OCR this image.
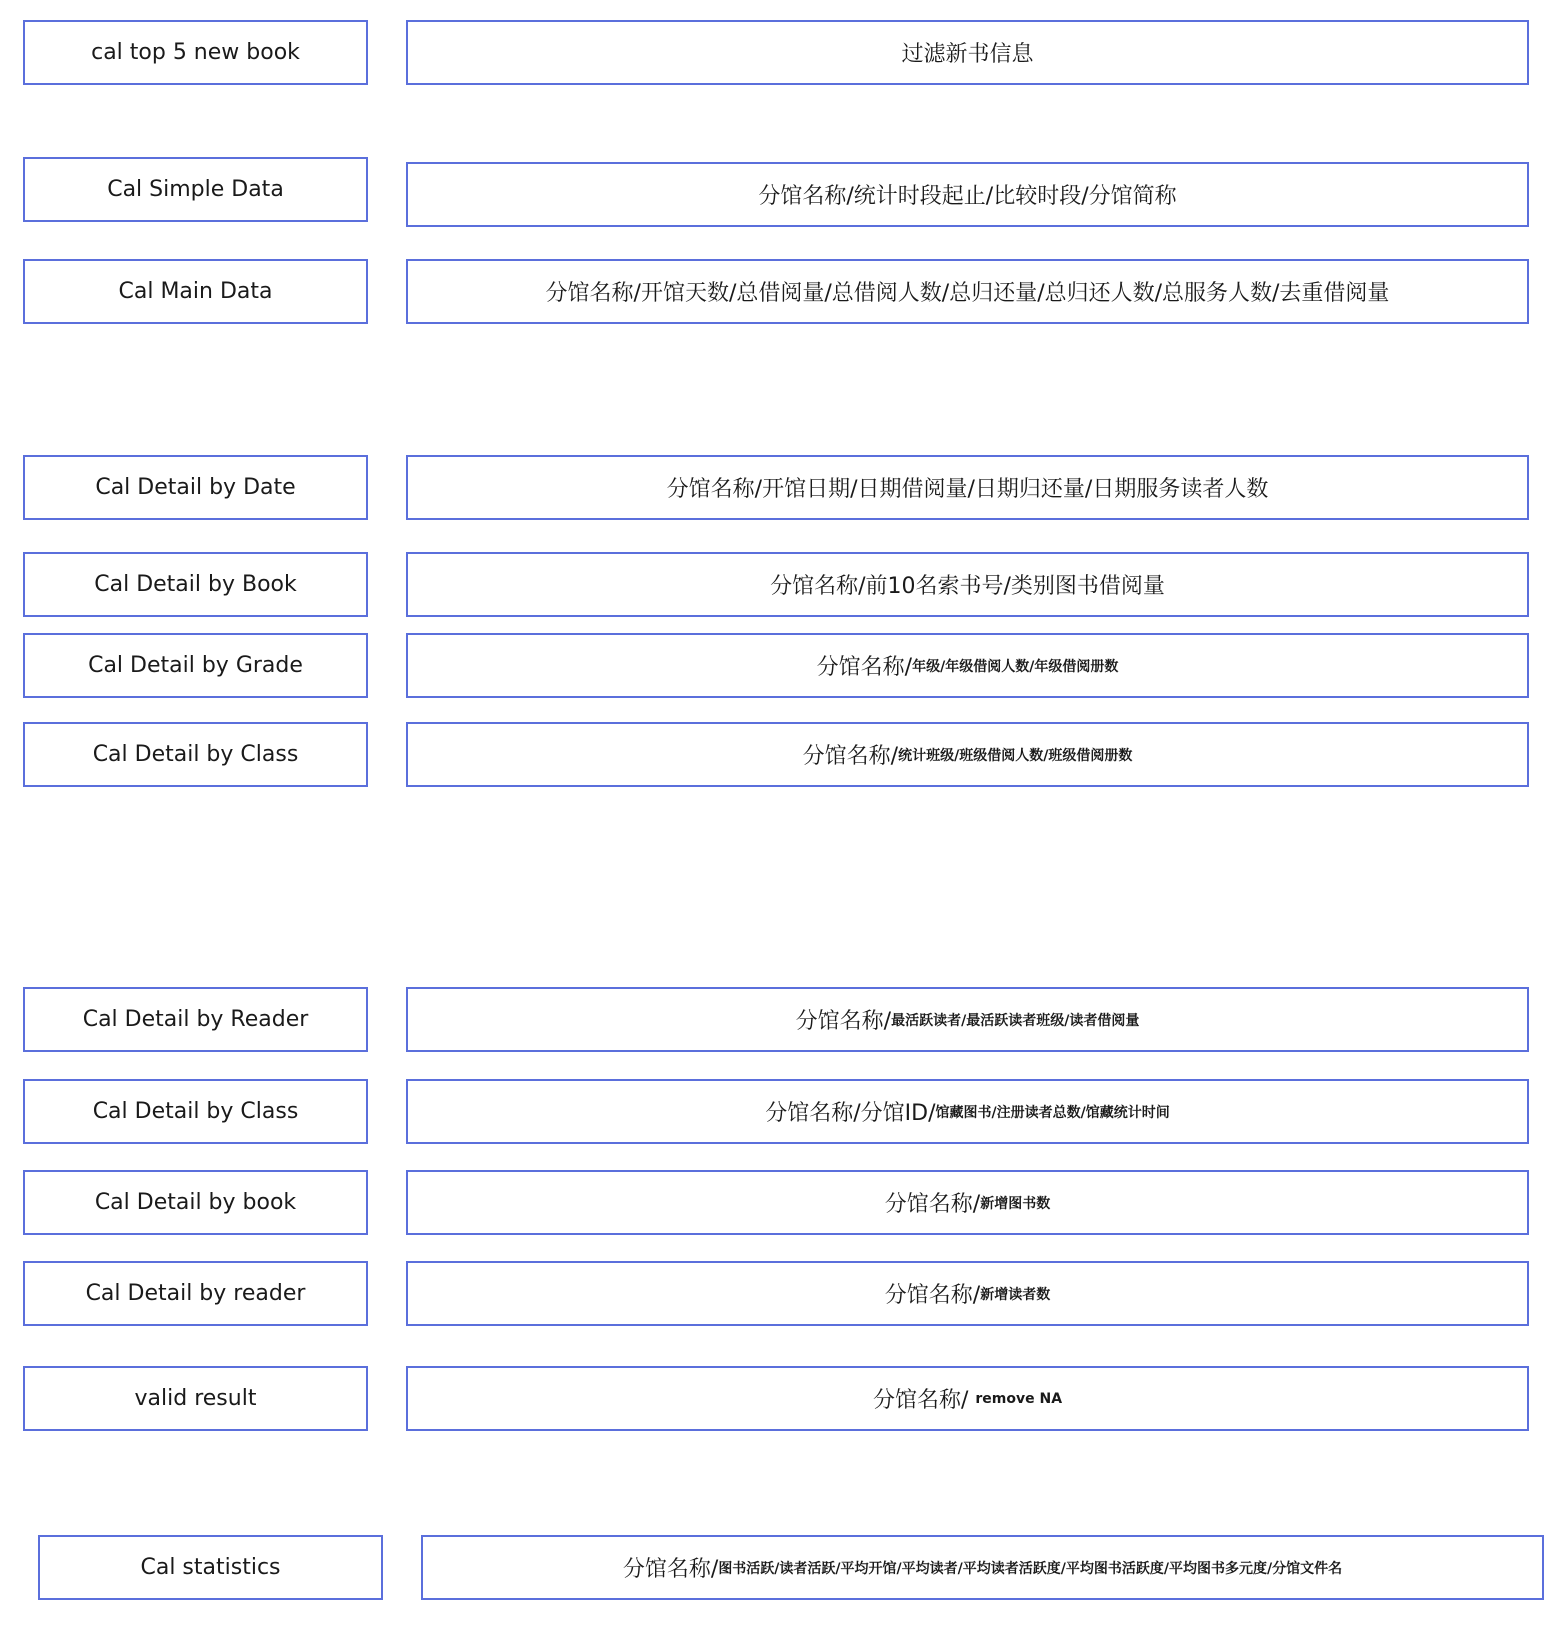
cal top 5 new book	过滤新书信息
Cal Simple Data	分馆名称/统计时段起止/比较时段/分馆简称
Cal Main Data	分馆名称/开馆天数/总借阅量/总借阅人数/总归还量/总归还人数/总服务人数/去重借阅量
Cal Detail by Date	分馆名称/开馆日期/日期借阅量/日期归还量/日期服务读者人数
Cal Detail by Book	分馆名称/前10名索书号/类别图书借阅量
Cal Detail by Grade	分馆名称/ 年级/年级借阅人数/年级借阅册数
Cal Detail by Class	分馆名称/ 统计班级/班级借阅人数/班级借阅册数
Cal Detail by Reader	分馆名称/ 最活跃读者/最活跃读者班级/读者借阅量
Cal Detail by Class	分馆名称/分馆ID/ 馆藏图书/注册读者总数/馆藏统计时间
Cal Detail by book	分馆名称/ 新增图书数
Cal Detail by reader	分馆名称/ 新增读者数
valid result	分馆名称/ remove NA
Cal statistics	分馆名称/ 图书活跃/读者活跃/平均开馆/平均读者/平均读者活跃度/平均图书活跃度/平均图书多元度/分馆文件名
